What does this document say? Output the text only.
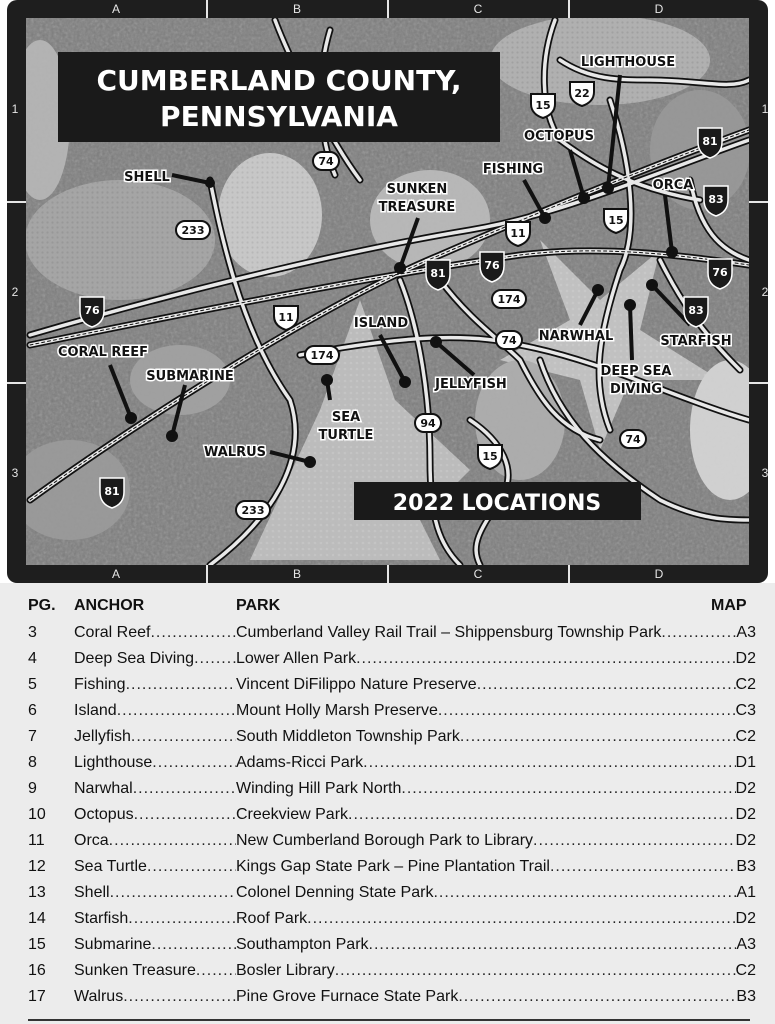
A	B	C	D
A	B	C	D
1
2
3
1
2
3
CUMBERLAND COUNTY,
PENNSYLVANIA
2022 LOCATIONS
LIGHTHOUSE
OCTOPUS
FISHING
ORCA
SHELL
SUNKEN
TREASURE
CORAL REEF
SUBMARINE
ISLAND
JELLYFISH
NARWHAL	STARFISH
DEEP SEA
DIVING
SEA
TURTLE
WALRUS
81
83
76
81	76
83
76
81
22
15
15
11
11
15
74
233
174
174
74
94
74
233
PG. ANCHOR	PARK	MAP
3	Coral Reef .....	Cumberland Valley Rail Trail – Shippensburg Township Park .....	A3
4	Deep Sea Diving .....	Lower Allen Park .....	D2
5	Fishing .....	Vincent DiFilippo Nature Preserve .....	C2
6	Island .....	Mount Holly Marsh Preserve .....	C3
7	Jellyfish .....	South Middleton Township Park .....	C2
8	Lighthouse .....	Adams-Ricci Park .....	D1
9	Narwhal .....	Winding Hill Park North .....	D2
10	Octopus .....	Creekview Park .....	D2
11	Orca .....	New Cumberland Borough Park to Library .....	D2
12	Sea Turtle .....	Kings Gap State Park – Pine Plantation Trail .....	B3
13	Shell .....	Colonel Denning State Park .....	A1
14	Starfish .....	Roof Park .....	D2
15	Submarine .....	Southampton Park .....	A3
16	Sunken Treasure .....	Bosler Library .....	C2
17	Walrus .....	Pine Grove Furnace State Park .....	B3
